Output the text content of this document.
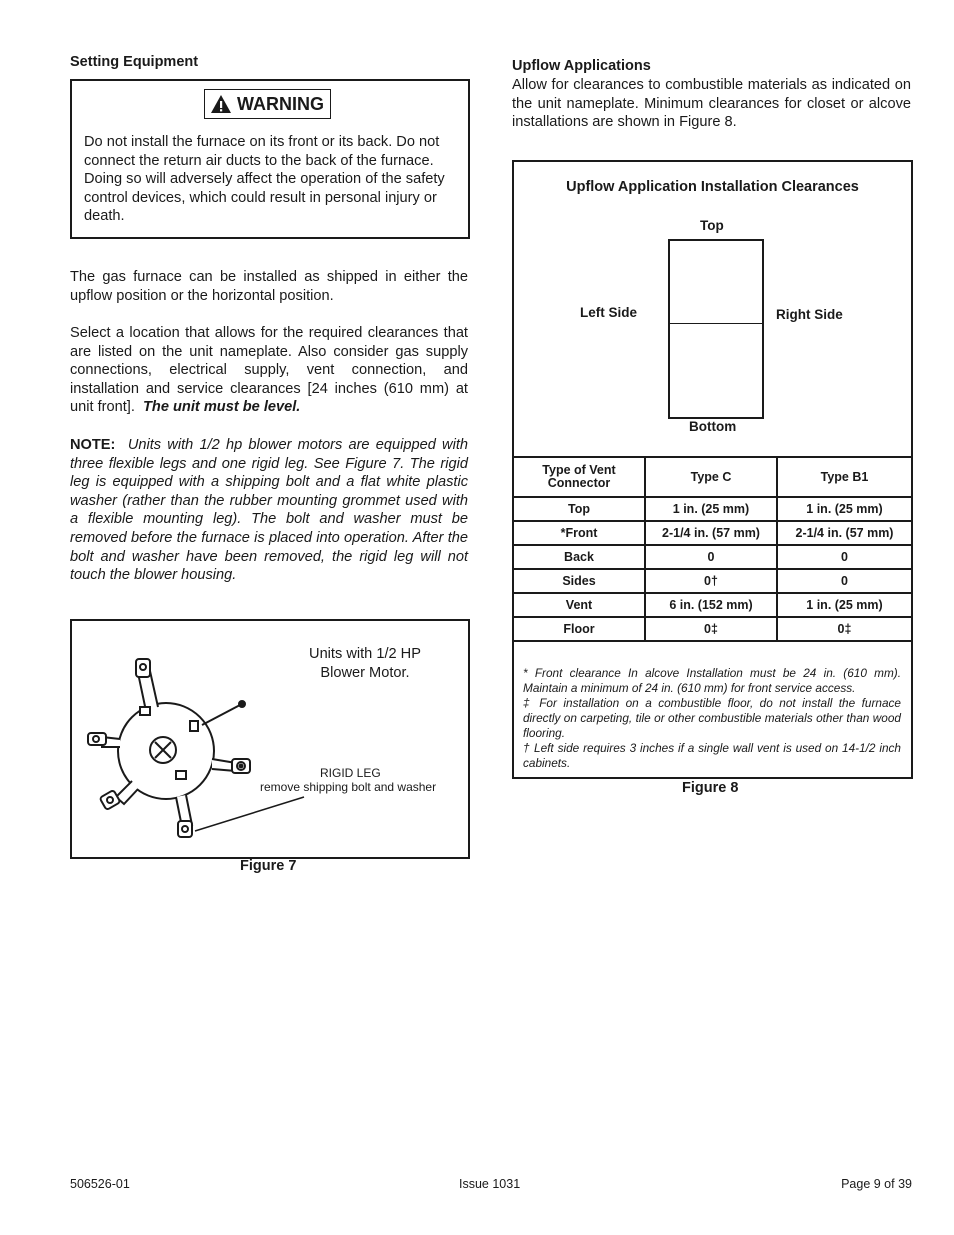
Setting Equipment
WARNING
Do not install the furnace on its front or its back. Do not connect the return air ducts to the back of the furnace. Doing so will adversely affect the operation of the safety control devices, which could result in personal injury or death.

The gas furnace can be installed as shipped in either the upflow position or the horizontal position.

Select a location that allows for the required clearances that are listed on the unit nameplate. Also consider gas supply connections, electrical supply, vent connection, and installation and service clearances [24 inches (610 mm) at unit front]. The unit must be level.

NOTE: Units with 1/2 hp blower motors are equipped with three flexible legs and one rigid leg. See Figure 7. The rigid leg is equipped with a shipping bolt and a flat white plastic washer (rather than the rubber mounting grommet used with a flexible mounting leg). The bolt and washer must be removed before the furnace is placed into operation. After the bolt and washer have been removed, the rigid leg will not touch the blower housing.

Units with 1/2 HP
Blower Motor.
RIGID LEG
remove shipping bolt and washer
Figure 7
Upflow Applications

Allow for clearances to combustible materials as indicated on the unit nameplate. Minimum clearances for closet or alcove installations are shown in Figure 8.

Upflow Application Installation Clearances
Top
Left Side	Right Side
Bottom
Type of Vent Connector	Type C	Type B1
Top	1 in. (25 mm)	1 in. (25 mm)
*Front	2-1/4 in. (57 mm)	2-1/4 in. (57 mm)
Back	0	0
Sides	0†	0
Vent	6 in. (152 mm)	1 in. (25 mm)
Floor	0‡	0‡
* Front clearance In alcove Installation must be 24 in. (610 mm). Maintain a minimum of 24 in. (610 mm) for front service access.
‡ For installation on a combustible floor, do not install the furnace directly on carpeting, tile or other combustible materials other than wood flooring.
† Left side requires 3 inches if a single wall vent is used on 14-1/2 inch cabinets.
Figure 8
506526-01	Issue 1031	Page 9 of 39
